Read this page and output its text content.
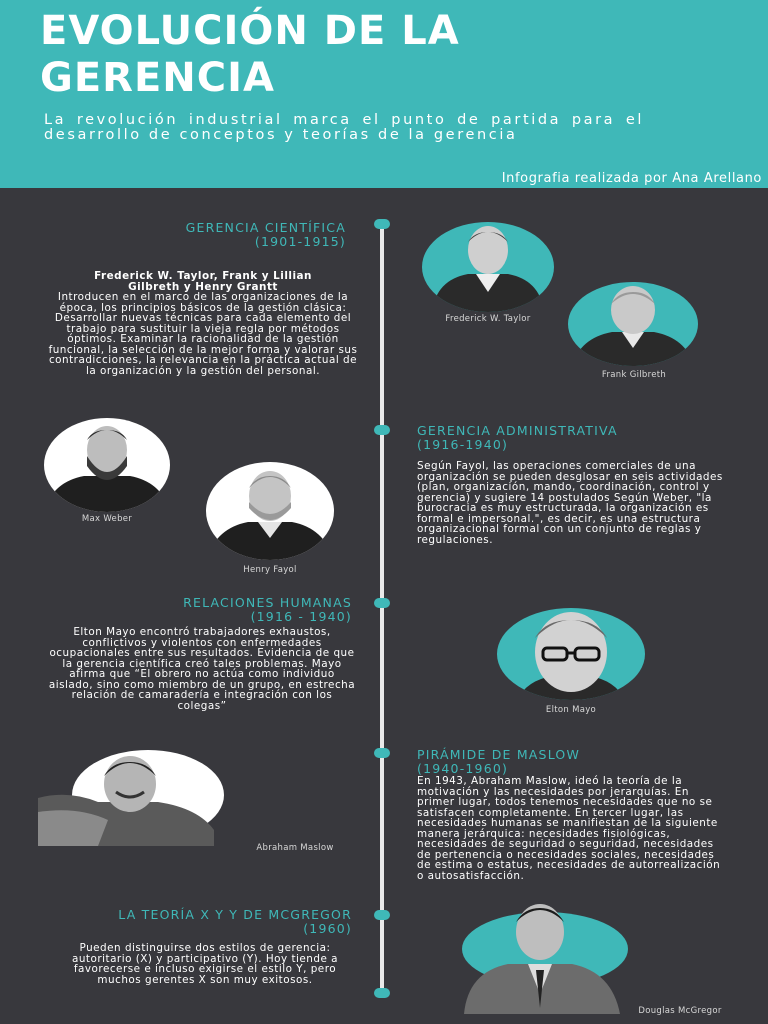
EVOLUCIÓN DE LA
GERENCIA
La revolución industrial marca el punto de partida para el desarrollo de conceptos y teorías de la gerencia
Infografia realizada por Ana Arellano
GERENCIA CIENTÍFICA
(1901-1915)
Frederick W. Taylor, Frank y Lillian
Gilbreth y Henry Grantt
Introducen en el marco de las organizaciones de la época, los principios básicos de la gestión clásica: Desarrollar nuevas técnicas para cada elemento del trabajo para sustituir la vieja regla por métodos óptimos. Examinar la racionalidad de la gestión funcional, la selección de la mejor forma y valorar sus contradicciones, la relevancia en la práctica actual de la organización y la gestión del personal.
Frederick W. Taylor
Frank Gilbreth
GERENCIA ADMINISTRATIVA
(1916-1940)
Según Fayol, las operaciones comerciales de una organización se pueden desglosar en seis actividades (plan, organización, mando, coordinación, control y gerencia) y sugiere 14 postulados Según Weber, "la burocracia es muy estructurada, la organización es formal e impersonal.", es decir, es una estructura organizacional formal con un conjunto de reglas y regulaciones.
Max Weber
Henry Fayol
RELACIONES HUMANAS
(1916 - 1940)
Elton Mayo encontró trabajadores exhaustos, conflictivos y violentos con enfermedades ocupacionales entre sus resultados. Evidencia de que la gerencia científica creó tales problemas. Mayo afirma que “El obrero no actúa como individuo aislado, sino como miembro de un grupo, en estrecha relación de camaradería e integración con los colegas”	Elton Mayo
PIRÁMIDE DE MASLOW
(1940-1960)
En 1943, Abraham Maslow, ideó la teoría de la motivación y las necesidades por jerarquías. En primer lugar, todos tenemos necesidades que no se satisfacen completamente. En tercer lugar, las necesidades humanas se manifiestan de la siguiente manera jerárquica: necesidades fisiológicas, necesidades de seguridad o seguridad, necesidades de pertenencia o necesidades sociales, necesidades de estima o estatus, necesidades de autorrealización o autosatisfacción.
Abraham Maslow
LA TEORÍA X Y Y DE MCGREGOR
(1960)
Pueden distinguirse dos estilos de gerencia: autoritario (X) y participativo (Y). Hoy tiende a favorecerse e incluso exigirse el estilo Y, pero muchos gerentes X son muy exitosos.
Douglas McGregor
